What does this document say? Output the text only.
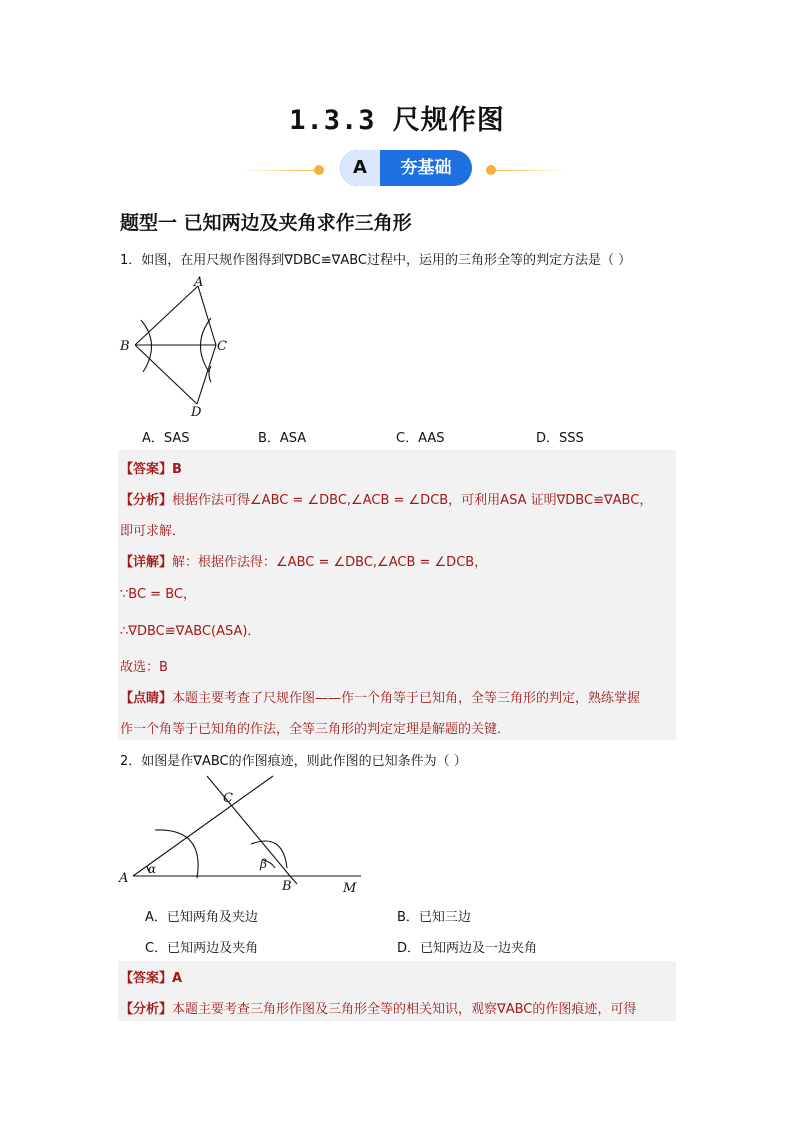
1.3.3 尺规作图
A	夯基础
题型一 已知两边及夹角求作三角形
1．如图，在用尺规作图得到∇DBC≌∇ABC过程中，运用的三角形全等的判定方法是（ ）
A
B	C
D
A．SAS	B．ASA	C．AAS	D．SSS
【答案】B
【分析】根据作法可得∠ABC = ∠DBC,∠ACB = ∠DCB，可利用ASA 证明∇DBC≌∇ABC，
即可求解．
【详解】解：根据作法得：∠ABC = ∠DBC,∠ACB = ∠DCB，
∵BC = BC，
∴∇DBC≌∇ABC(ASA)．
故选：B
【点睛】本题主要考查了尺规作图——作一个角等于已知角，全等三角形的判定，熟练掌握
作一个角等于已知角的作法，全等三角形的判定定理是解题的关键．
2．如图是作∇ABC的作图痕迹，则此作图的已知条件为（ ）
A
C
B	M
α	β
A．已知两角及夹边	B．已知三边
C．已知两边及夹角	D．已知两边及一边夹角
【答案】A
【分析】本题主要考查三角形作图及三角形全等的相关知识，观察∇ABC的作图痕迹，可得
